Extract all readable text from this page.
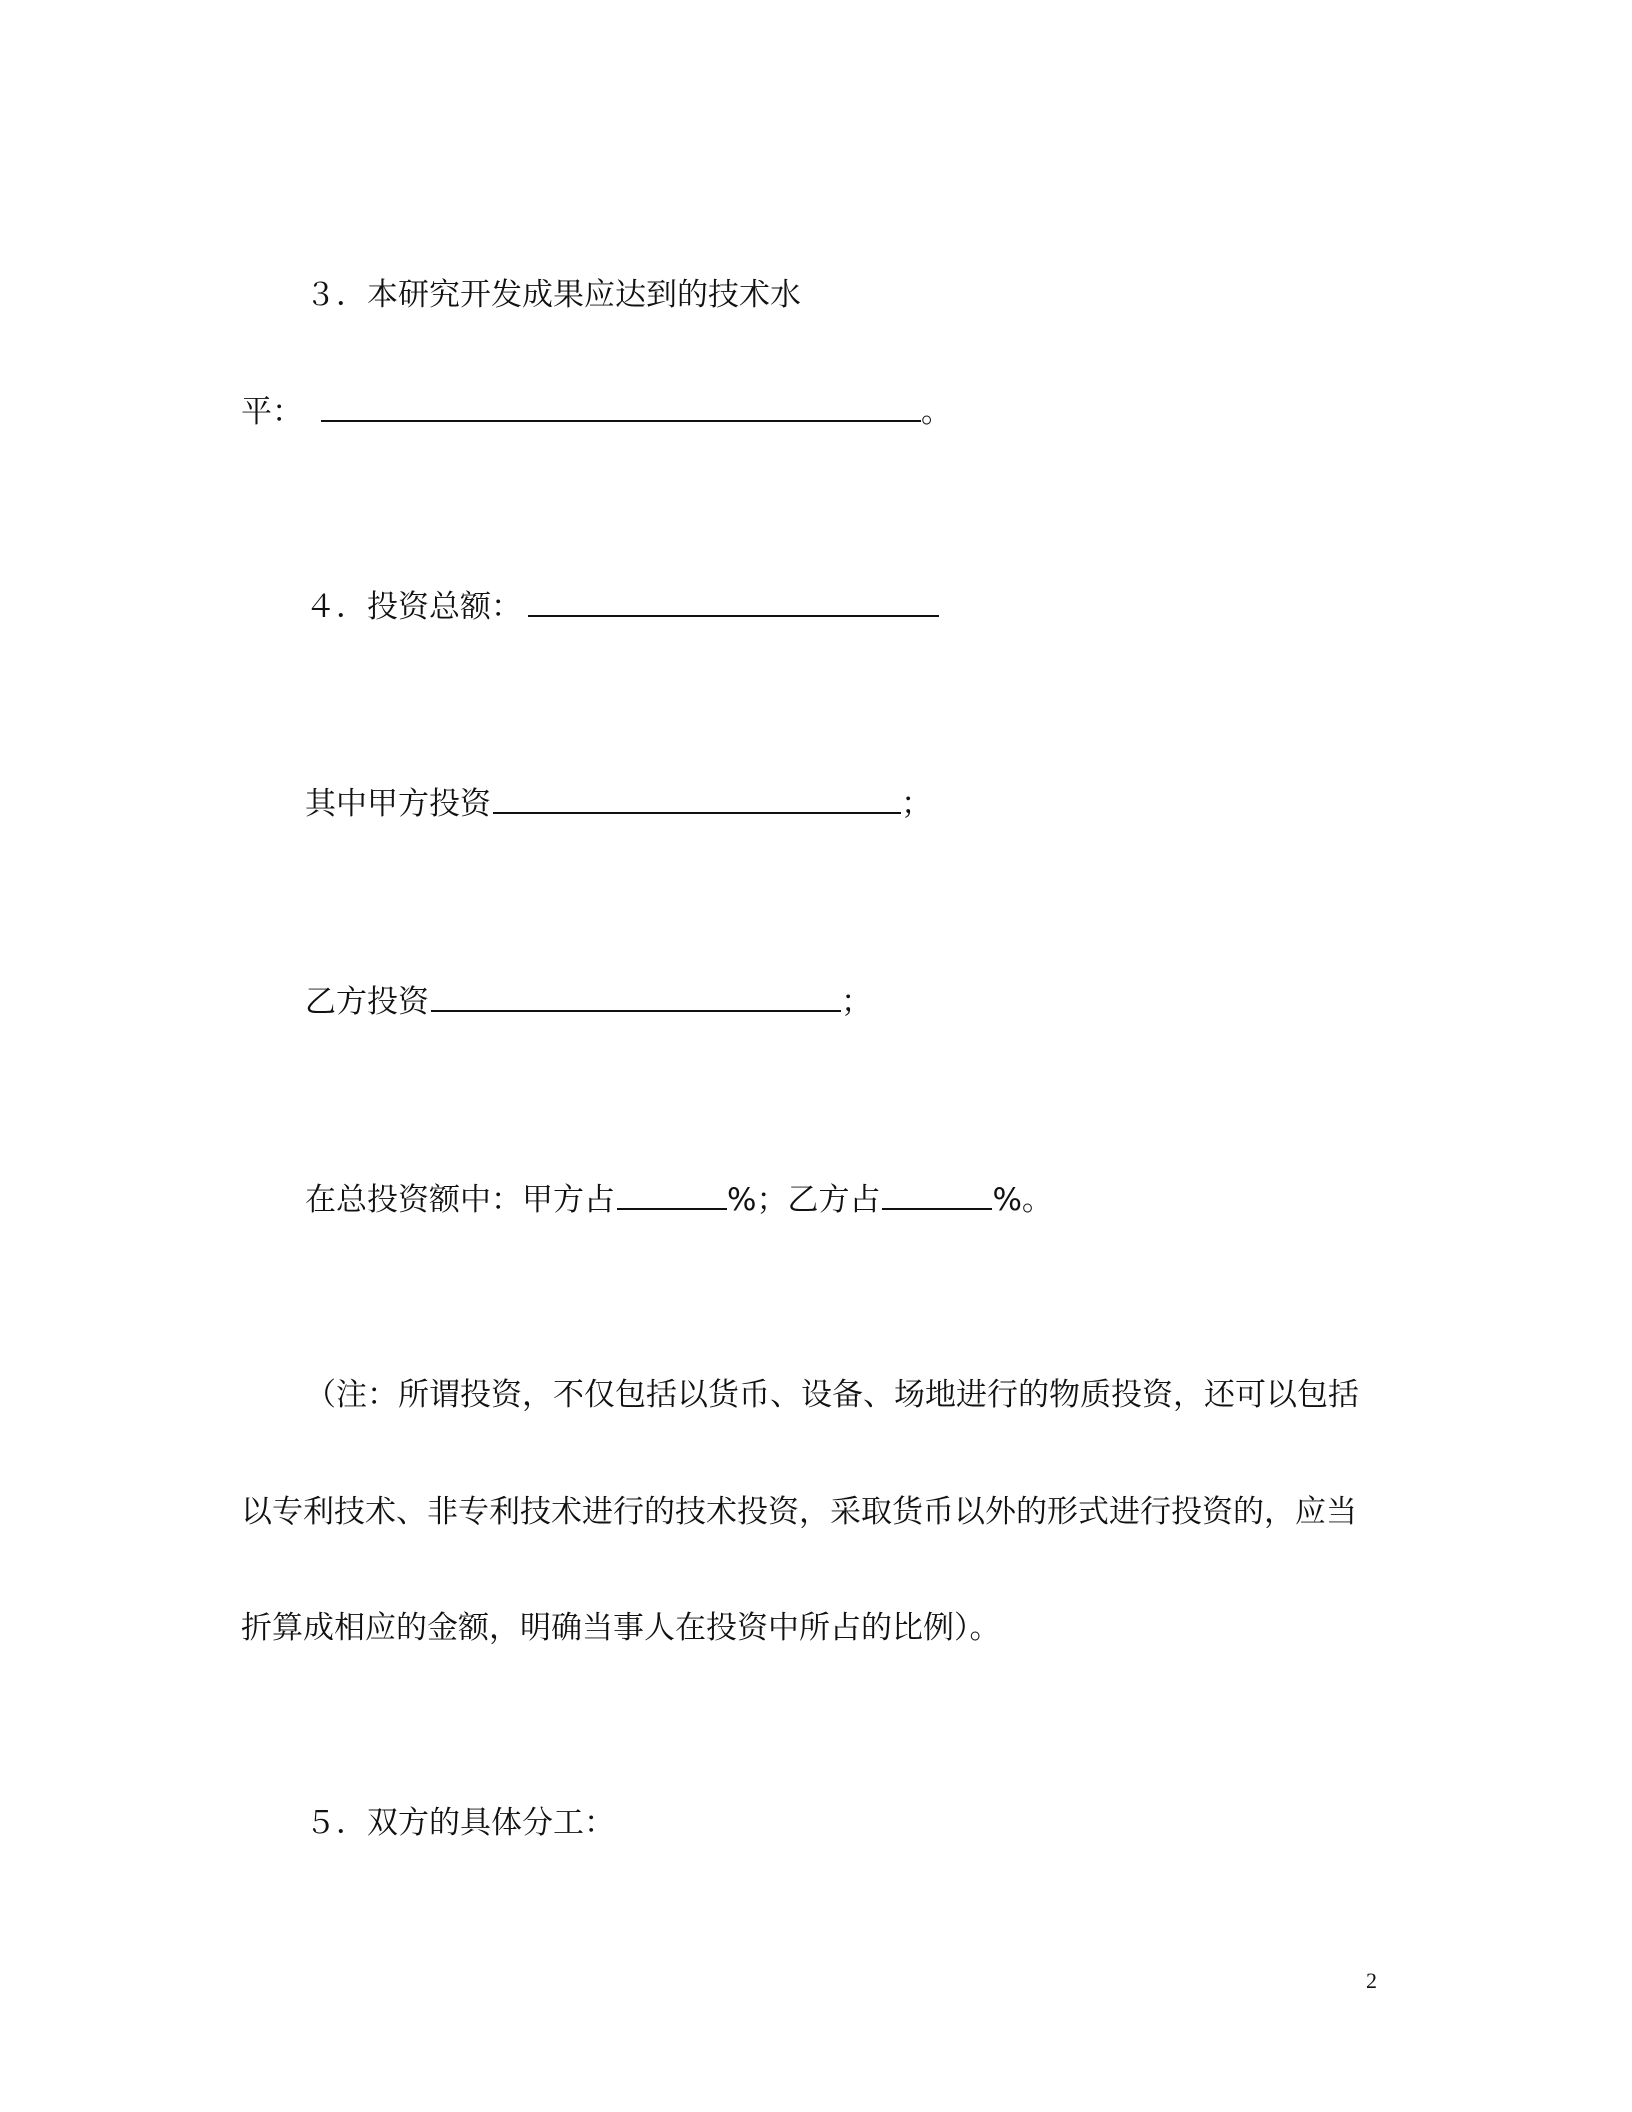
３．本研究开发成果应达到的技术水
平：	。
４．投资总额：
其中甲方投资	；
乙方投资	；
在总投资额中：甲方占	%；乙方占	%。
（注：所谓投资，不仅包括以货币、设备、场地进行的物质投资，还可以包括
以专利技术、非专利技术进行的技术投资，采取货币以外的形式进行投资的，应当
折算成相应的金额，明确当事人在投资中所占的比例）。
５．双方的具体分工：
2
